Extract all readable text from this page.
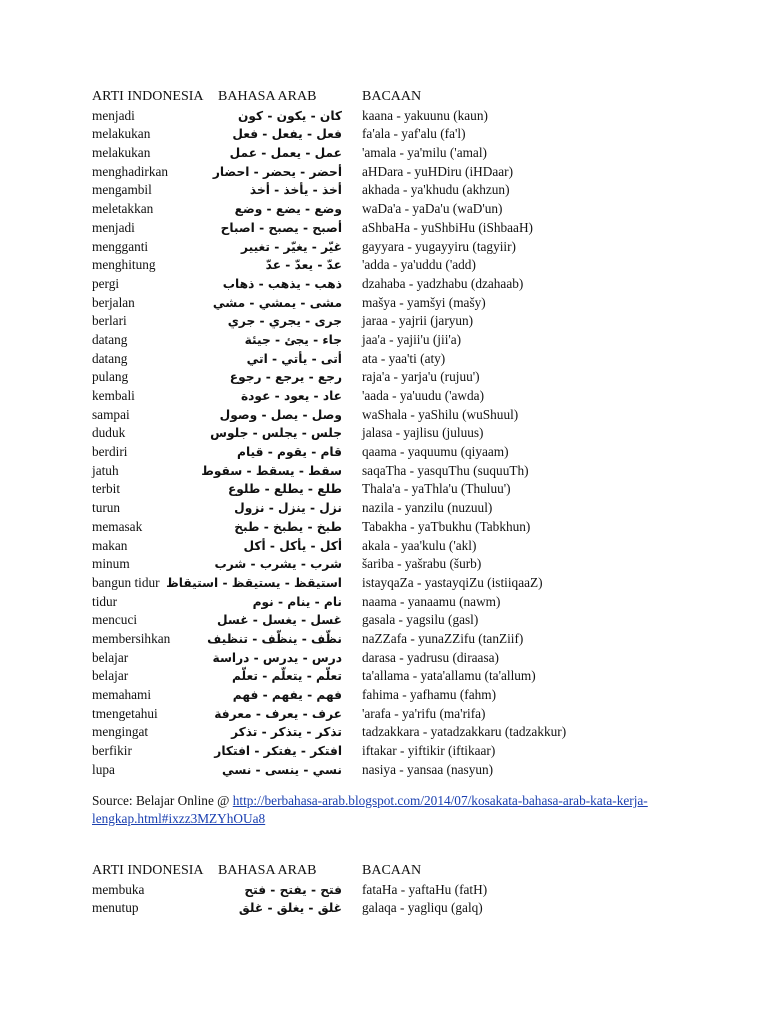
ARTI INDONESIA	BAHASA ARAB	BACAAN
menjadi	كان - يكون - كون	kaana - yakuunu (kaun)
melakukan	فعل - يفعل - فعل	fa'ala - yaf'alu (fa'l)
melakukan	عمل - يعمل - عمل	'amala - ya'milu ('amal)
menghadirkan	أحضر - يحضر - احضار	aHDara - yuHDiru (iHDaar)
mengambil	أخذ - يأخذ - أخذ	akhada - ya'khudu (akhzun)
meletakkan	وضع - يضع - وضع	waDa'a - yaDa'u (waD'un)
menjadi	أصبح - يصبح - اصباح	aShbaHa - yuShbiHu (iShbaaH)
mengganti	غيّر - يغيّر - تغيير	gayyara - yugayyiru (tagyiir)
menghitung	عدّ - يعدّ - عدّ	'adda - ya'uddu ('add)
pergi	ذهب - يذهب - ذهاب	dzahaba - yadzhabu (dzahaab)
berjalan	مشى - يمشي - مشي	mašya - yamšyi (mašy)
berlari	جرى - يجري - جري	jaraa - yajrii (jaryun)
datang	جاء - يجئ - جيئة	jaa'a - yajii'u (jii'a)
datang	أتى - يأتي - اتي	ata - yaa'ti (aty)
pulang	رجع - يرجع - رجوع	raja'a - yarja'u (rujuu')
kembali	عاد - يعود - عودة	'aada - ya'uudu ('awda)
sampai	وصل - يصل - وصول	waShala - yaShilu (wuShuul)
duduk	جلس - يجلس - جلوس	jalasa - yajlisu (juluus)
berdiri	قام - يقوم - قيام	qaama - yaquumu (qiyaam)
jatuh	سقط - يسقط - سقوط	saqaTha - yasquThu (suquuTh)
terbit	طلع - يطلع - طلوع	Thala'a - yaThla'u (Thuluu')
turun	نزل - ينزل - نزول	nazila - yanzilu (nuzuul)
memasak	طبخ - يطبخ - طبخ	Tabakha - yaTbukhu (Tabkhun)
makan	أكل - يأكل - أكل	akala - yaa'kulu ('akl)
minum	شرب - يشرب - شرب	šariba - yašrabu (šurb)
bangun tidur استيقظ - يستيقظ - استيقاظ	istayqaZa - yastayqiZu (istiiqaaZ)
tidur	نام - ينام - نوم	naama - yanaamu (nawm)
mencuci	غسل - يغسل - غسل	gasala - yagsilu (gasl)
membersihkan	نظّف - ينظّف - تنظيف	naZZafa - yunaZZifu (tanZiif)
belajar	درس - يدرس - دراسة	darasa - yadrusu (diraasa)
belajar	تعلّم - يتعلّم - تعلّم	ta'allama - yata'allamu (ta'allum)
memahami	فهم - يفهم - فهم	fahima - yafhamu (fahm)
tmengetahui	عرف - يعرف - معرفة	'arafa - ya'rifu (ma'rifa)
mengingat	تذكر - يتذكر - تذكر	tadzakkara - yatadzakkaru (tadzakkur)
berfikir	افتكر - يفتكر - افتكار	iftakar - yiftikir (iftikaar)
lupa	نسي - ينسى - نسي	nasiya - yansaa (nasyun)
Source: Belajar Online @ http://berbahasa-arab.blogspot.com/2014/07/kosakata-bahasa-arab-kata-kerja-lengkap.html#ixzz3MZYhOUa8
ARTI INDONESIA	BAHASA ARAB	BACAAN
membuka	فتح - يفتح - فتح	fataHa - yaftaHu (fatH)
menutup	غلق - يغلق - غلق	galaqa - yagliqu (galq)
